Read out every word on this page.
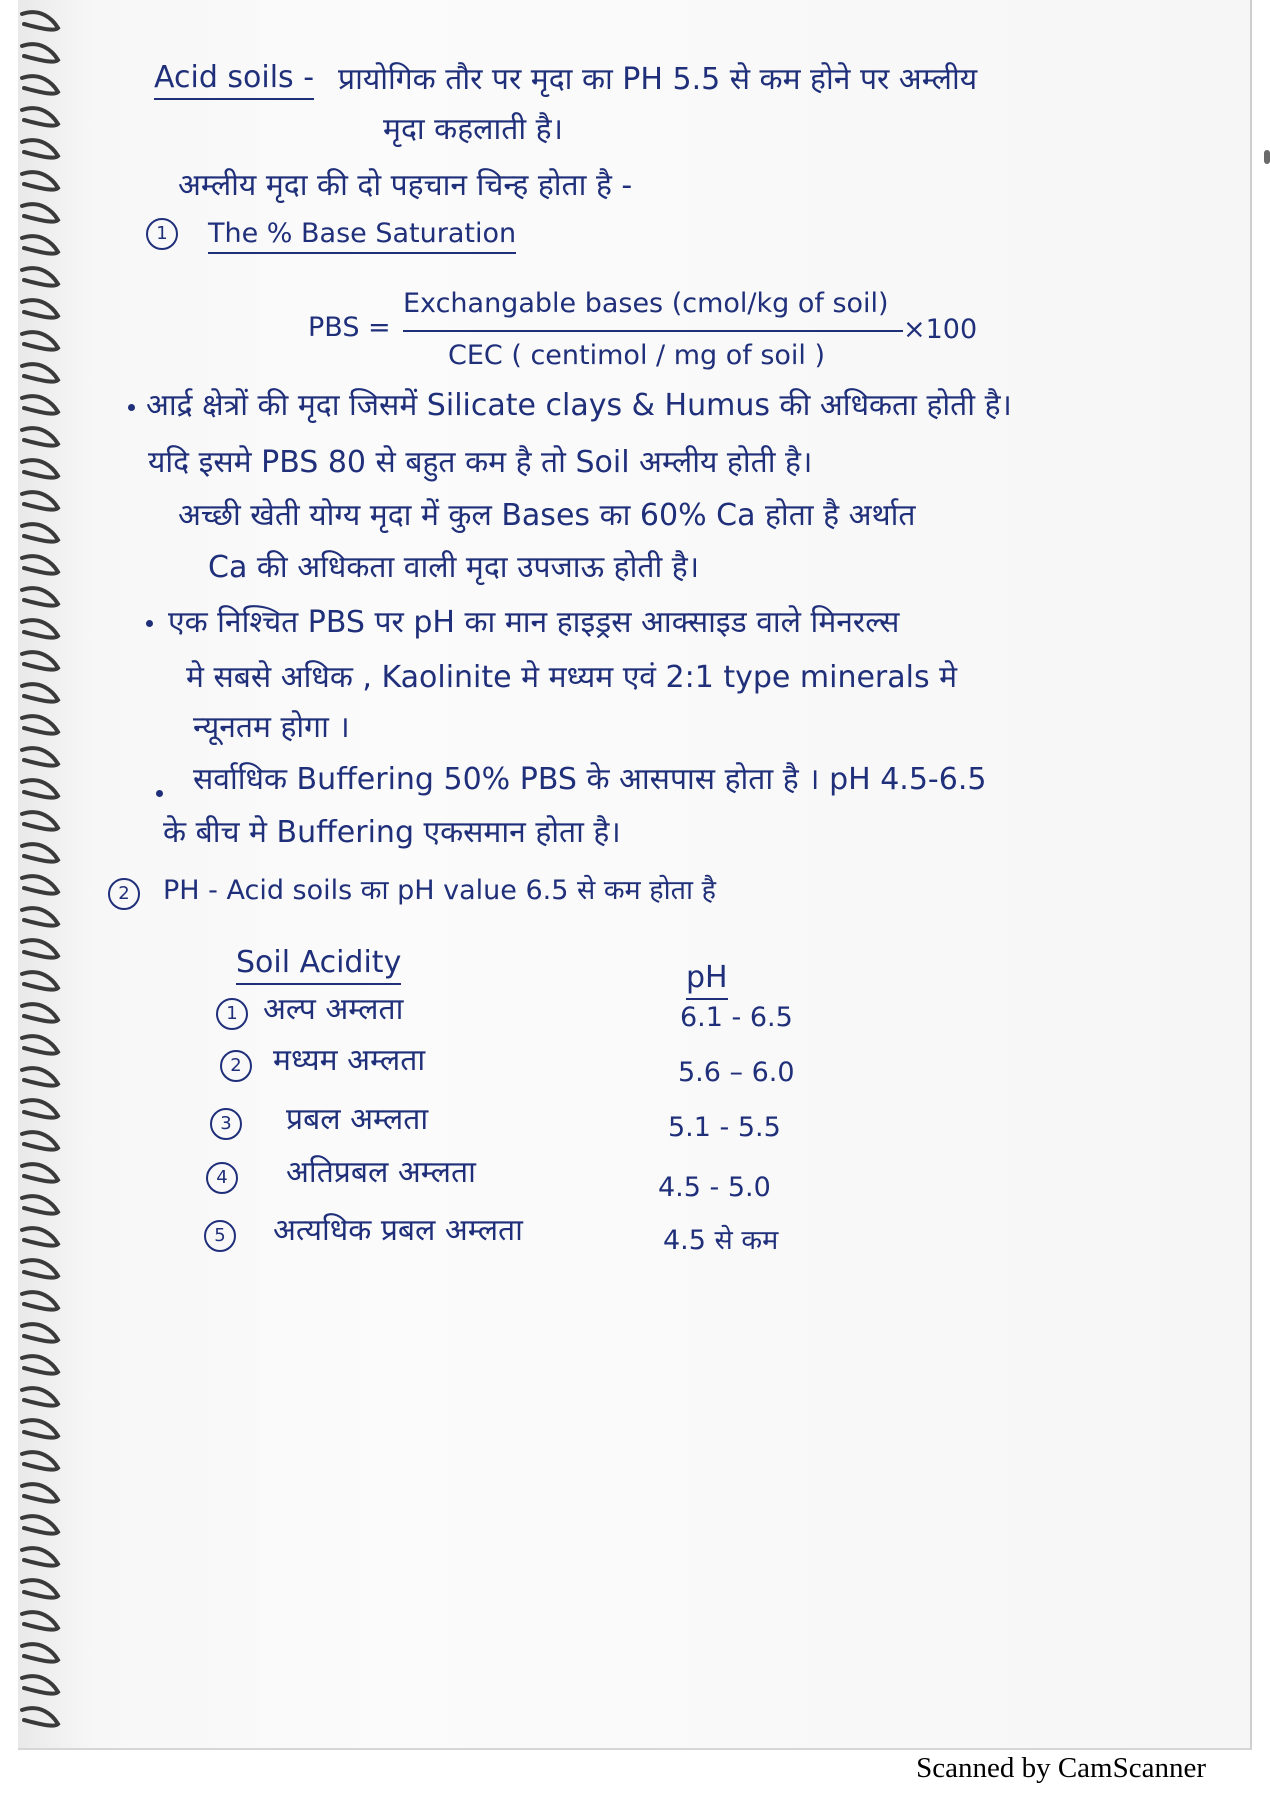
Acid soils - प्रायोगिक तौर पर मृदा का PH 5.5 से कम होने पर अम्लीय
मृदा कहलाती है।
अम्लीय मृदा की दो पहचान चिन्ह होता है -
1	The % Base Saturation
PBS =
Exchangable bases (cmol/kg of soil)
CEC ( centimol / mg of soil )
×100
आर्द्र क्षेत्रों की मृदा जिसमें Silicate clays & Humus की अधिकता होती है।
यदि इसमे PBS 80 से बहुत कम है तो Soil अम्लीय होती है।
अच्छी खेती योग्य मृदा में कुल Bases का 60% Ca होता है अर्थात
Ca की अधिकता वाली मृदा उपजाऊ होती है।
एक निश्चित PBS पर pH का मान हाइड्रस आक्साइड वाले मिनरल्स
मे सबसे अधिक , Kaolinite मे मध्यम एवं 2:1 type minerals मे
न्यूनतम होगा ।
सर्वाधिक Buffering 50% PBS के आसपास होता है । pH 4.5-6.5
के बीच मे Buffering एकसमान होता है।
2	PH - Acid soils का pH value 6.5 से कम होता है
Soil Acidity	pH
1 अल्प अम्लता	6.1 - 6.5
2	मध्यम अम्लता	5.6 – 6.0
3	प्रबल अम्लता	5.1 - 5.5
4	अतिप्रबल अम्लता	4.5 - 5.0
5	अत्यधिक प्रबल अम्लता	4.5 से कम
Scanned by CamScanner
